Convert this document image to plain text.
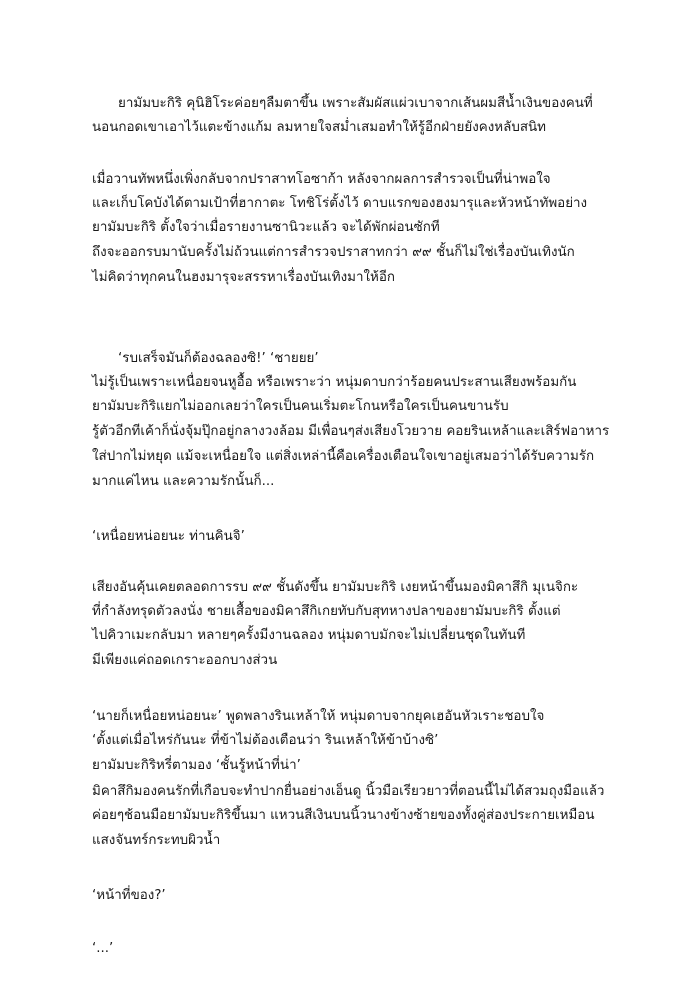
ยามัมบะกิริ คุนิฮิโระค่อยๆลืมตาขึ้น เพราะสัมผัสแผ่วเบาจากเส้นผมสีน้ำเงินของคนที่
นอนกอดเขาเอาไว้แตะข้างแก้ม ลมหายใจสม่ำเสมอทำให้รู้อีกฝ่ายยังคงหลับสนิท
เมื่อวานทัพหนึ่งเพิ่งกลับจากปราสาทโอซาก้า หลังจากผลการสำรวจเป็นที่น่าพอใจ
และเก็บโคบังได้ตามเป้าที่ฮากาตะ โทชิโร่ตั้งไว้ ดาบแรกของฮงมารุและหัวหน้าทัพอย่าง
ยามัมบะกิริ ตั้งใจว่าเมื่อรายงานซานิวะแล้ว จะได้พักผ่อนซักที
ถึงจะออกรบมานับครั้งไม่ถ้วนแต่การสำรวจปราสาทกว่า ๙๙ ชั้นก็ไม่ใช่เรื่องบันเทิงนัก
ไม่คิดว่าทุกคนในฮงมารุจะสรรหาเรื่องบันเทิงมาให้อีก
‘รบเสร็จมันก็ต้องฉลองซิ!’ ‘ชายยย’
ไม่รู้เป็นเพราะเหนื่อยจนหูอื้อ หรือเพราะว่า หนุ่มดาบกว่าร้อยคนประสานเสียงพร้อมกัน
ยามัมบะกิริแยกไม่ออกเลยว่าใครเป็นคนเริ่มตะโกนหรือใครเป็นคนขานรับ
รู้ตัวอีกทีเค้าก็นั่งจุ้มปุ๊กอยู่กลางวงล้อม มีเพื่อนๆส่งเสียงโวยวาย คอยรินเหล้าและเสิร์ฟอาหาร
ใส่ปากไม่หยุด แม้จะเหนื่อยใจ แต่สิ่งเหล่านี้คือเครื่องเตือนใจเขาอยู่เสมอว่าได้รับความรัก
มากแค่ไหน และความรักนั้นก็...
‘เหนื่อยหน่อยนะ ท่านคินจิ’
เสียงอันคุ้นเคยตลอดการรบ ๙๙ ชั้นดังขึ้น ยามัมบะกิริ เงยหน้าขึ้นมองมิคาสึกิ มุเนจิกะ
ที่กำลังทรุดตัวลงนั่ง ชายเสื้อของมิคาสึกิเกยทับกับสุทหางปลาของยามัมบะกิริ ตั้งแต่
ไปคิวาเมะกลับมา หลายๆครั้งมีงานฉลอง หนุ่มดาบมักจะไม่เปลี่ยนชุดในทันที
มีเพียงแค่ถอดเกราะออกบางส่วน
‘นายก็เหนื่อยหน่อยนะ’ พูดพลางรินเหล้าให้ หนุ่มดาบจากยุคเฮอันหัวเราะชอบใจ
‘ตั้งแต่เมื่อไหร่กันนะ ที่ข้าไม่ต้องเตือนว่า รินเหล้าให้ข้าบ้างซิ’
ยามัมบะกิริหรี่ตามอง ‘ชั้นรู้หน้าที่น่า’
มิคาสึกิมองคนรักที่เกือบจะทำปากยื่นอย่างเอ็นดู นิ้วมือเรียวยาวที่ตอนนี้ไม่ได้สวมถุงมือแล้ว
ค่อยๆช้อนมือยามัมบะกิริขึ้นมา แหวนสีเงินบนนิ้วนางข้างซ้ายของทั้งคู่ส่องประกายเหมือน
แสงจันทร์กระทบผิวน้ำ
‘หน้าที่ของ?’
‘...’
